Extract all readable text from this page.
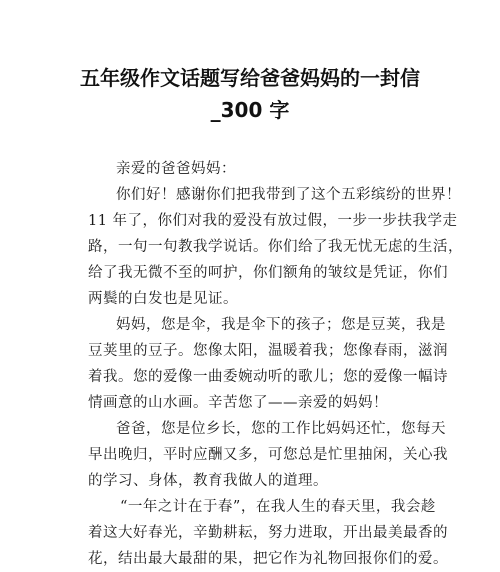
五年级作文话题写给爸爸妈妈的一封信
_300 字
亲爱的爸爸妈妈：
你们好！感谢你们把我带到了这个五彩缤纷的世界！
11 年了，你们对我的爱没有放过假，一步一步扶我学走
路，一句一句教我学说话。你们给了我无忧无虑的生活，
给了我无微不至的呵护，你们额角的皱纹是凭证，你们
两鬓的白发也是见证。
妈妈，您是伞，我是伞下的孩子；您是豆荚，我是
豆荚里的豆子。您像太阳，温暖着我；您像春雨，滋润
着我。您的爱像一曲委婉动听的歌儿；您的爱像一幅诗
情画意的山水画。辛苦您了——亲爱的妈妈！
爸爸，您是位乡长，您的工作比妈妈还忙，您每天
早出晚归，平时应酬又多，可您总是忙里抽闲，关心我
的学习、身体，教育我做人的道理。
“一年之计在于春”，在我人生的春天里，我会趁
着这大好春光，辛勤耕耘，努力进取，开出最美最香的
花，结出最大最甜的果，把它作为礼物回报你们的爱。
